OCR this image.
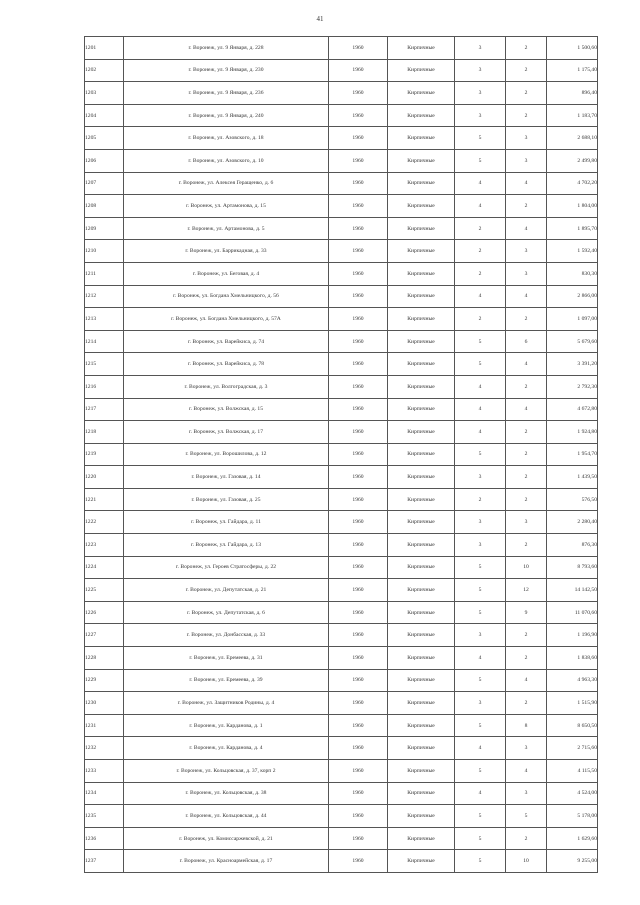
41
1201	г. Воронеж, ул. 9 Января, д. 228	1960	Кирпичные	3	2	1 500,60
1202	г. Воронеж, ул. 9 Января, д. 230	1960	Кирпичные	3	2	1 175,40
1203	г. Воронеж, ул. 9 Января, д. 236	1960	Кирпичные	3	2	896,40
1204	г. Воронеж, ул. 9 Января, д. 240	1960	Кирпичные	3	2	1 183,70
1205	г. Воронеж, ул. Азовского, д. 18	1960	Кирпичные	5	3	2 688,10
1206	г. Воронеж, ул. Азовского, д. 10	1960	Кирпичные	5	3	2 499,80
1207	г. Воронеж, ул. Алексея Геращенко, д. 6	1960	Кирпичные	4	4	4 702,20
1208	г. Воронеж, ул. Артамонова, д. 15	1960	Кирпичные	4	2	1 804,00
1209	г. Воронеж, ул. Артамонова, д. 5	1960	Кирпичные	2	4	1 895,70
1210	г. Воронеж, ул. Баррикадная, д. 33	1960	Кирпичные	2	3	1 592,40
1211	г. Воронеж, ул. Беговая, д. 4	1960	Кирпичные	2	3	830,30
1212	г. Воронеж, ул. Богдана Хмельницкого, д. 56	1960	Кирпичные	4	4	2 866,00
1213	г. Воронеж, ул. Богдана Хмельницкого, д. 57А	1960	Кирпичные	2	2	1 097,00
1214	г. Воронеж, ул. Варейкиса, д. 74	1960	Кирпичные	5	6	5 679,60
1215	г. Воронеж, ул. Варейкиса, д. 78	1960	Кирпичные	5	4	3 391,20
1216	г. Воронеж, ул. Волгоградская, д. 3	1960	Кирпичные	4	2	2 792,30
1217	г. Воронеж, ул. Волжская, д. 15	1960	Кирпичные	4	4	4 672,80
1218	г. Воронеж, ул. Волжская, д. 17	1960	Кирпичные	4	2	1 924,80
1219	г. Воронеж, ул. Ворошилова, д. 12	1960	Кирпичные	5	2	1 954,70
1220	г. Воронеж, ул. Газовая, д. 14	1960	Кирпичные	3	2	1 439,50
1221	г. Воронеж, ул. Газовая, д. 25	1960	Кирпичные	2	2	576,50
1222	г. Воронеж, ул. Гайдара, д. 11	1960	Кирпичные	3	3	2 280,40
1223	г. Воронеж, ул. Гайдара, д. 13	1960	Кирпичные	3	2	876,30
1224	г. Воронеж, ул. Героев Стратосферы, д. 22	1960	Кирпичные	5	10	8 793,60
1225	г. Воронеж, ул. Депутатская, д. 21	1960	Кирпичные	5	12	14 142,50
1226	г. Воронеж, ул. Депутатская, д. 6	1960	Кирпичные	5	9	11 070,60
1227	г. Воронеж, ул. Донбасская, д. 33	1960	Кирпичные	3	2	1 196,90
1228	г. Воронеж, ул. Еремеева, д. 31	1960	Кирпичные	4	2	1 838,60
1229	г. Воронеж, ул. Еремеева, д. 39	1960	Кирпичные	5	4	4 963,30
1230	г. Воронеж, ул. Защитников Родины, д. 4	1960	Кирпичные	3	2	1 515,90
1231	г. Воронеж, ул. Карданова, д. 1	1960	Кирпичные	5	8	8 650,50
1232	г. Воронеж, ул. Карданова, д. 4	1960	Кирпичные	4	3	2 715,60
1233	г. Воронеж, ул. Кольцовская, д. 37, корп 2	1960	Кирпичные	5	4	4 115,50
1234	г. Воронеж, ул. Кольцовская, д. 38	1960	Кирпичные	4	3	4 524,00
1235	г. Воронеж, ул. Кольцовская, д. 44	1960	Кирпичные	5	5	5 178,00
1236	г. Воронеж, ул. Комиссаржевской, д. 21	1960	Кирпичные	5	2	1 629,60
1237	г. Воронеж, ул. Красноармейская, д. 17	1960	Кирпичные	5	10	9 255,00
